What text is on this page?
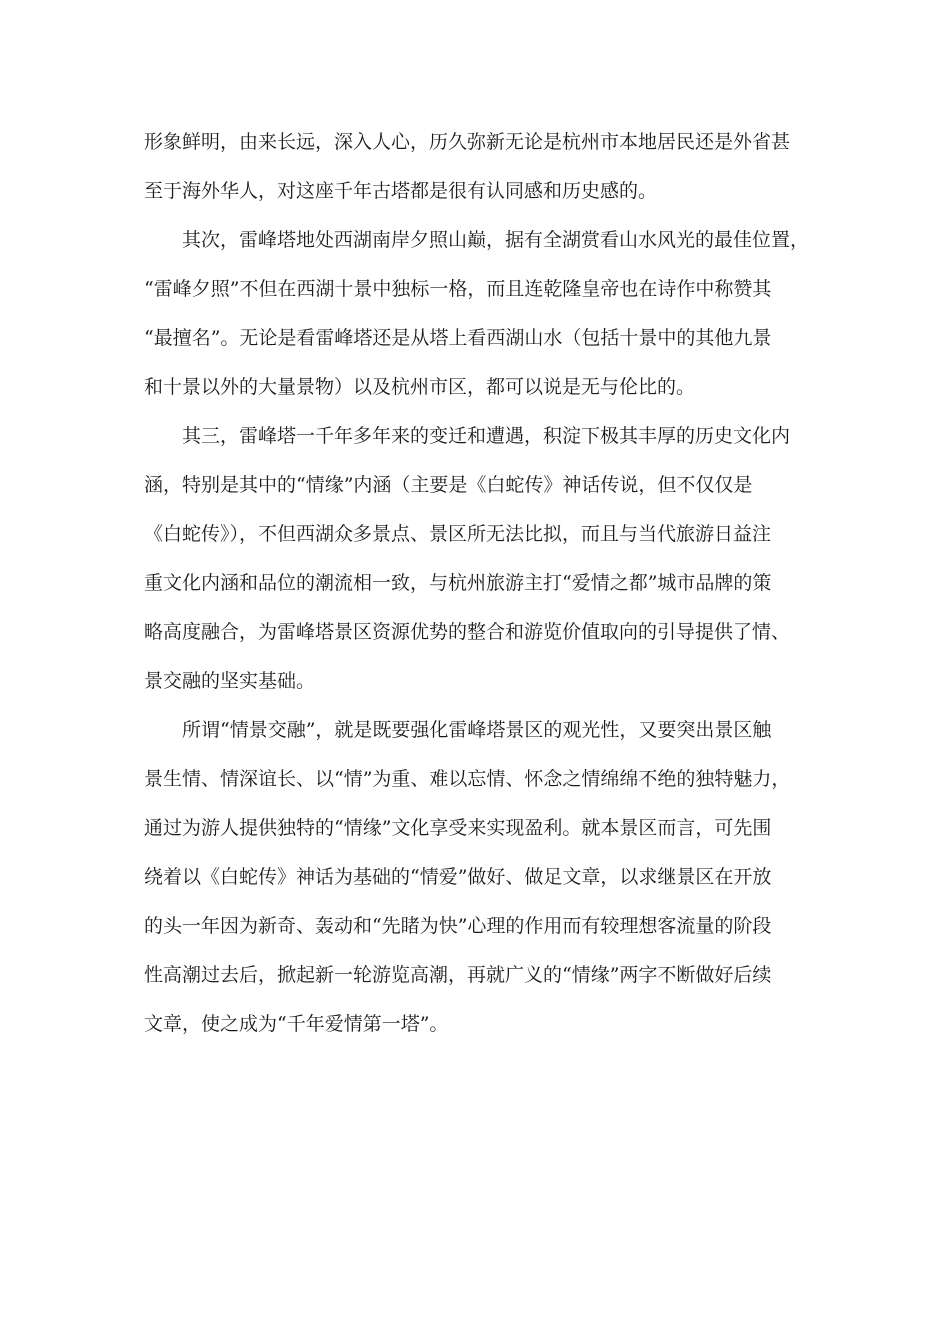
形象鲜明，由来长远，深入人心，历久弥新无论是杭州市本地居民还是外省甚
至于海外华人，对这座千年古塔都是很有认同感和历史感的。
其次，雷峰塔地处西湖南岸夕照山巅，据有全湖赏看山水风光的最佳位置，
“雷峰夕照”不但在西湖十景中独标一格，而且连乾隆皇帝也在诗作中称赞其
“最擅名”。无论是看雷峰塔还是从塔上看西湖山水（包括十景中的其他九景
和十景以外的大量景物）以及杭州市区，都可以说是无与伦比的。
其三，雷峰塔一千年多年来的变迁和遭遇，积淀下极其丰厚的历史文化内
涵，特别是其中的“情缘”内涵（主要是《白蛇传》神话传说，但不仅仅是
《白蛇传》），不但西湖众多景点、景区所无法比拟，而且与当代旅游日益注
重文化内涵和品位的潮流相一致，与杭州旅游主打“爱情之都”城市品牌的策
略高度融合，为雷峰塔景区资源优势的整合和游览价值取向的引导提供了情、
景交融的坚实基础。
所谓“情景交融”，就是既要强化雷峰塔景区的观光性，又要突出景区触
景生情、情深谊长、以“情”为重、难以忘情、怀念之情绵绵不绝的独特魅力，
通过为游人提供独特的“情缘”文化享受来实现盈利。就本景区而言，可先围
绕着以《白蛇传》神话为基础的“情爱”做好、做足文章，以求继景区在开放
的头一年因为新奇、轰动和“先睹为快”心理的作用而有较理想客流量的阶段
性高潮过去后，掀起新一轮游览高潮，再就广义的“情缘”两字不断做好后续
文章，使之成为“千年爱情第一塔”。
